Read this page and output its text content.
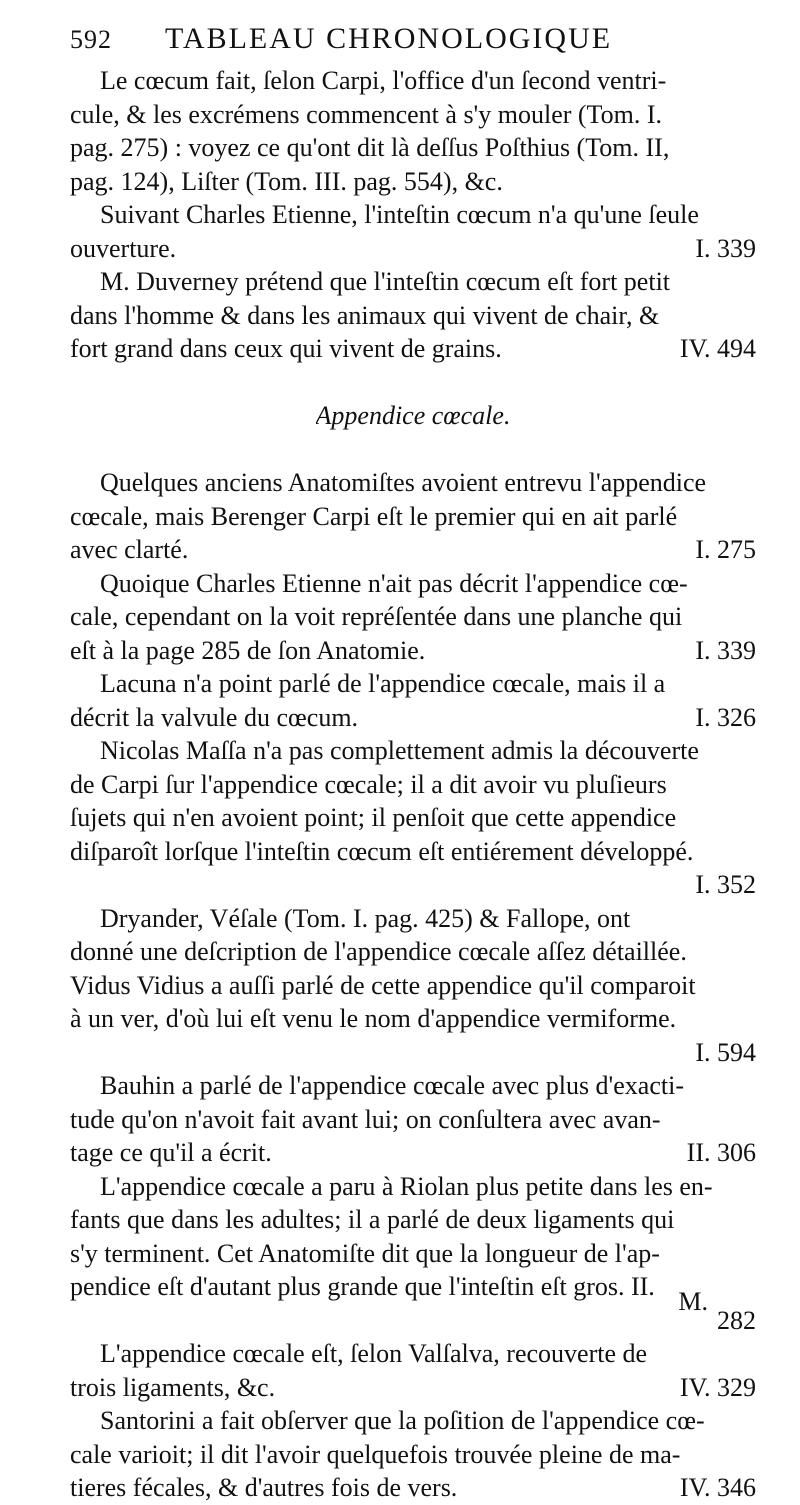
592	TABLEAU CHRONOLOGIQUE
Le cœcum fait, ſelon Carpi, l'office d'un ſecond ventri-
cule, & les excrémens commencent à s'y mouler (Tom. I.
pag. 275) : voyez ce qu'ont dit là deſſus Poſthius (Tom. II,
pag. 124), Liſter (Tom. III. pag. 554), &c.
Suivant Charles Etienne, l'inteſtin cœcum n'a qu'une ſeule
ouverture.	I. 339
M. Duverney prétend que l'inteſtin cœcum eſt fort petit
dans l'homme & dans les animaux qui vivent de chair, &
fort grand dans ceux qui vivent de grains.	IV. 494
Appendice cœcale.
Quelques anciens Anatomiſtes avoient entrevu l'appendice
cœcale, mais Berenger Carpi eſt le premier qui en ait parlé
avec clarté.	I. 275
Quoique Charles Etienne n'ait pas décrit l'appendice cœ-
cale, cependant on la voit repréſentée dans une planche qui
eſt à la page 285 de ſon Anatomie.	I. 339
Lacuna n'a point parlé de l'appendice cœcale, mais il a
décrit la valvule du cœcum.	I. 326
Nicolas Maſſa n'a pas complettement admis la découverte
de Carpi ſur l'appendice cœcale; il a dit avoir vu pluſieurs
ſujets qui n'en avoient point; il penſoit que cette appendice
diſparoît lorſque l'inteſtin cœcum eſt entiérement développé.
I. 352
Dryander, Véſale (Tom. I. pag. 425) & Fallope, ont
donné une deſcription de l'appendice cœcale aſſez détaillée.
Vidus Vidius a auſſi parlé de cette appendice qu'il comparoit
à un ver, d'où lui eſt venu le nom d'appendice vermiforme.
I. 594
Bauhin a parlé de l'appendice cœcale avec plus d'exacti-
tude qu'on n'avoit fait avant lui; on conſultera avec avan-
tage ce qu'il a écrit.	II. 306
L'appendice cœcale a paru à Riolan plus petite dans les en-
fants que dans les adultes; il a parlé de deux ligaments qui
s'y terminent. Cet Anatomiſte dit que la longueur de l'ap-
pendice eſt d'autant plus grande que l'inteſtin eſt gros. II.
282
L'appendice cœcale eſt, ſelon Valſalva, recouverte de
trois ligaments, &c.	IV. 329
Santorini a fait obſerver que la poſition de l'appendice cœ-
cale varioit; il dit l'avoir quelquefois trouvée pleine de ma-
tieres fécales, & d'autres fois de vers.	IV. 346
M.
